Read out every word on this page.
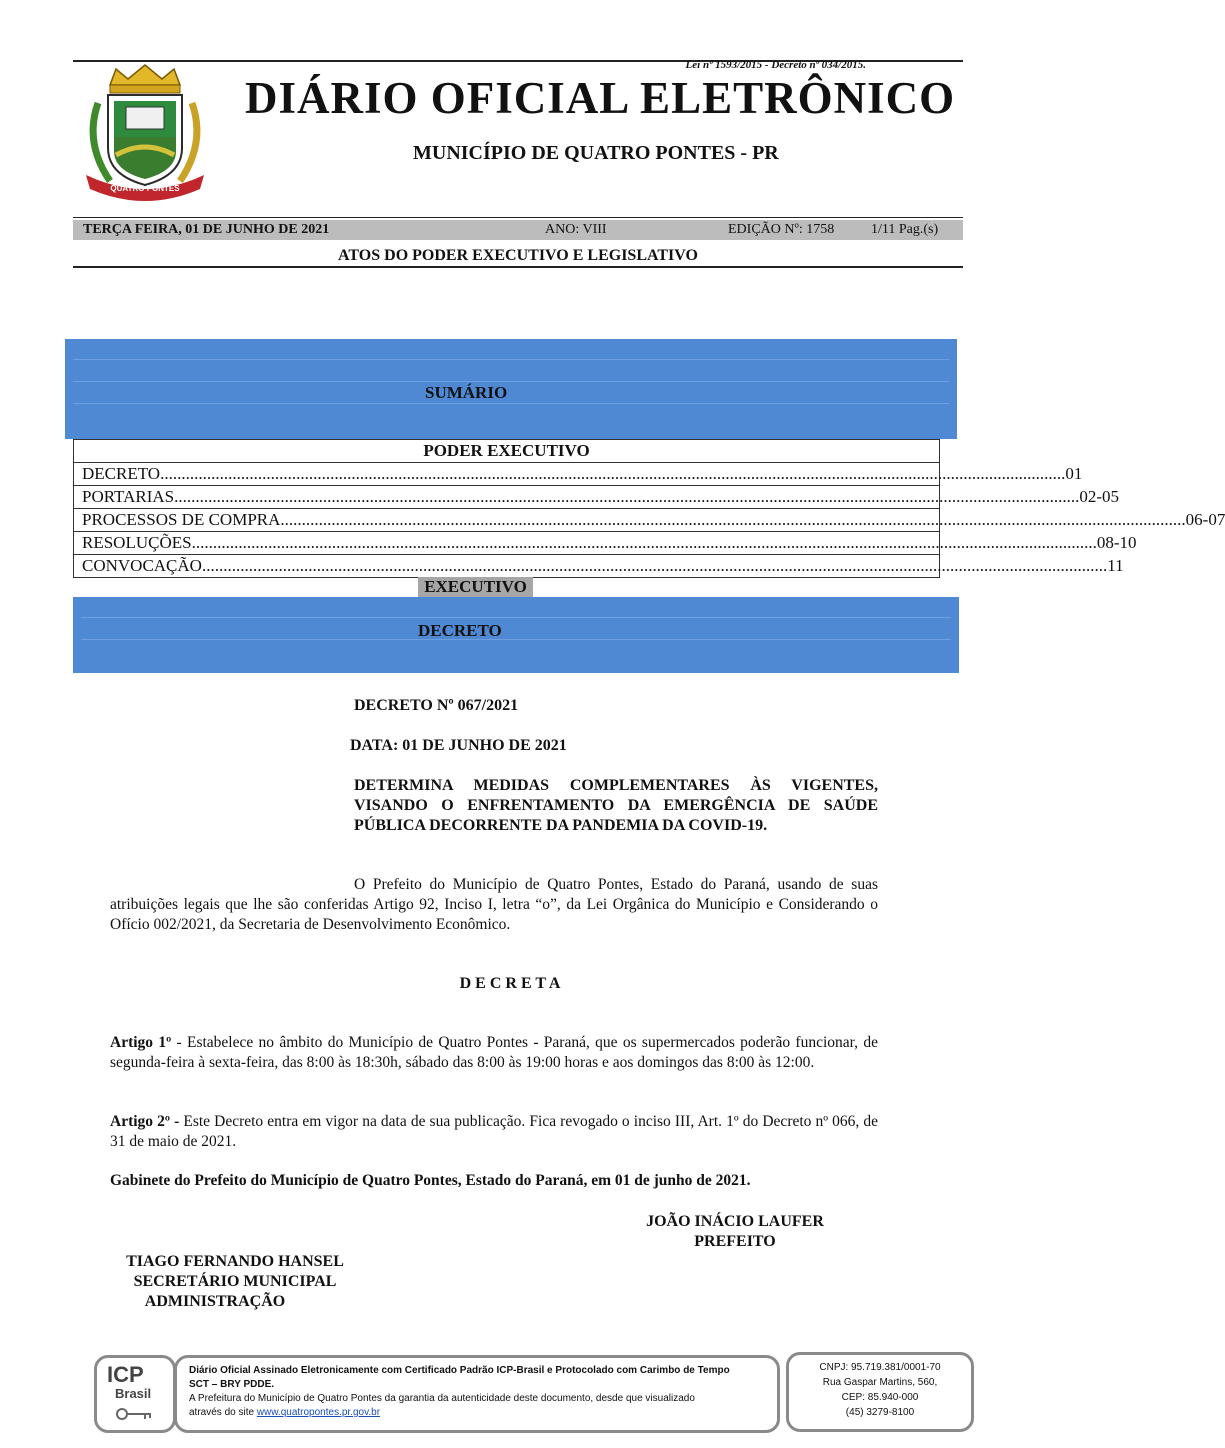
Lei nº 1593/2015 - Decreto nº 034/2015.
QUATRO PONTES
DIÁRIO OFICIAL ELETRÔNICO
MUNICÍPIO DE QUATRO PONTES - PR
TERÇA FEIRA, 01 DE JUNHO DE 2021	ANO: VIII	EDIÇÃO Nº: 1758	1/11 Pag.(s)
ATOS DO PODER EXECUTIVO E LEGISLATIVO
SUMÁRIO
PODER EXECUTIVO
DECRETO ..................................................................................................................................................................................................................... 01
PORTARIAS ..................................................................................................................................................................................................................... 02-05
PROCESSOS DE COMPRA ..................................................................................................................................................................................................................... 06-07
RESOLUÇÕES ..................................................................................................................................................................................................................... 08-10
CONVOCAÇÃO ..................................................................................................................................................................................................................... 11
EXECUTIVO
DECRETO
DECRETO Nº 067/2021
DATA: 01 DE JUNHO DE 2021
DETERMINA MEDIDAS COMPLEMENTARES ÀS VIGENTES, VISANDO O ENFRENTAMENTO DA EMERGÊNCIA DE SAÚDE PÚBLICA DECORRENTE DA PANDEMIA DA COVID-19.
O Prefeito do Município de Quatro Pontes, Estado do Paraná, usando de suas atribuições legais que lhe são conferidas Artigo 92, Inciso I, letra “o”, da Lei Orgânica do Município e Considerando o Ofício 002/2021, da Secretaria de Desenvolvimento Econômico.
D E C R E T A
Artigo 1º - Estabelece no âmbito do Município de Quatro Pontes - Paraná, que os supermercados poderão funcionar, de segunda-feira à sexta-feira, das 8:00 às 18:30h, sábado das 8:00 às 19:00 horas e aos domingos das 8:00 às 12:00.
Artigo 2º - Este Decreto entra em vigor na data de sua publicação. Fica revogado o inciso III, Art. 1º do Decreto nº 066, de 31 de maio de 2021.
Gabinete do Prefeito do Município de Quatro Pontes, Estado do Paraná, em 01 de junho de 2021.
JOÃO INÁCIO LAUFER
PREFEITO
TIAGO FERNANDO HANSEL
SECRETÁRIO MUNICIPAL
ADMINISTRAÇÃO
ICP
Brasil
Diário Oficial Assinado Eletronicamente com Certificado Padrão ICP-Brasil e Protocolado com Carimbo de Tempo
SCT – BRY PDDE.
A Prefeitura do Município de Quatro Pontes da garantia da autenticidade deste documento, desde que visualizado
através do site www.quatropontes.pr.gov.br
CNPJ: 95.719.381/0001-70
Rua Gaspar Martins, 560,
CEP: 85.940-000
(45) 3279-8100
